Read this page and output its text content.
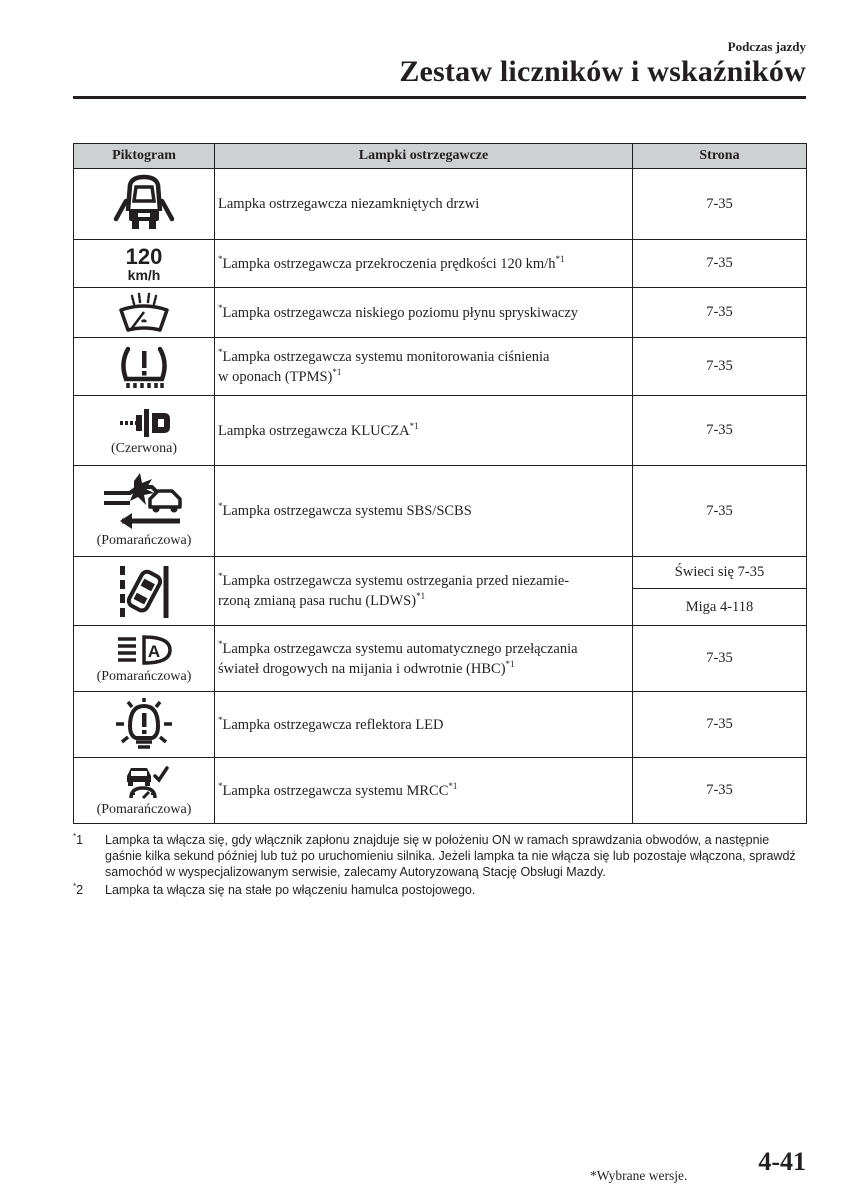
Podczas jazdy
Zestaw liczników i wskaźników
Piktogram	Lampki ostrzegawcze	Strona

	Lampka ostrzegawcza niezamkniętych drzwi	7-35

120
km/h	*Lampka ostrzegawcza przekroczenia prędkości 120 $km/h^{*1}$	7-35

	*Lampka ostrzegawcza niskiego poziomu płynu spryskiwaczy	7-35

	*Lampka ostrzegawcza systemu monitorowania ciśnienia
w oponach (TPMS)$^{*1}$	7-35

(Czerwona)	Lampka ostrzegawcza KLUCZA$^{*1}$	7-35

(Pomarańczowa)	*Lampka ostrzegawcza systemu SBS/SCBS	7-35

	*Lampka ostrzegawcza systemu ostrzegania przed niezamie-
rzoną zmianą pasa ruchu (LDWS)$^{*1}$	Świeci się 7-35
		Miga 4-118

A
(Pomarańczowa)	*Lampka ostrzegawcza systemu automatycznego przełączania
świateł drogowych na mijania i odwrotnie (HBC)$^{*1}$	7-35

	*Lampka ostrzegawcza reflektora LED	7-35

(Pomarańczowa)	*Lampka ostrzegawcza systemu MRCC$^{*1}$	7-35
*1	Lampka ta włącza się, gdy włącznik zapłonu znajduje się w położeniu ON w ramach sprawdzania obwodów, a następnie gaśnie kilka sekund później lub tuż po uruchomieniu silnika. Jeżeli lampka ta nie włącza się lub pozostaje włączona, sprawdź samochód w wyspecjalizowanym serwisie, zalecamy Autoryzowaną Stację Obsługi Mazdy.
*2	Lampka ta włącza się na stałe po włączeniu hamulca postojowego.
*Wybrane wersje.	4-41
